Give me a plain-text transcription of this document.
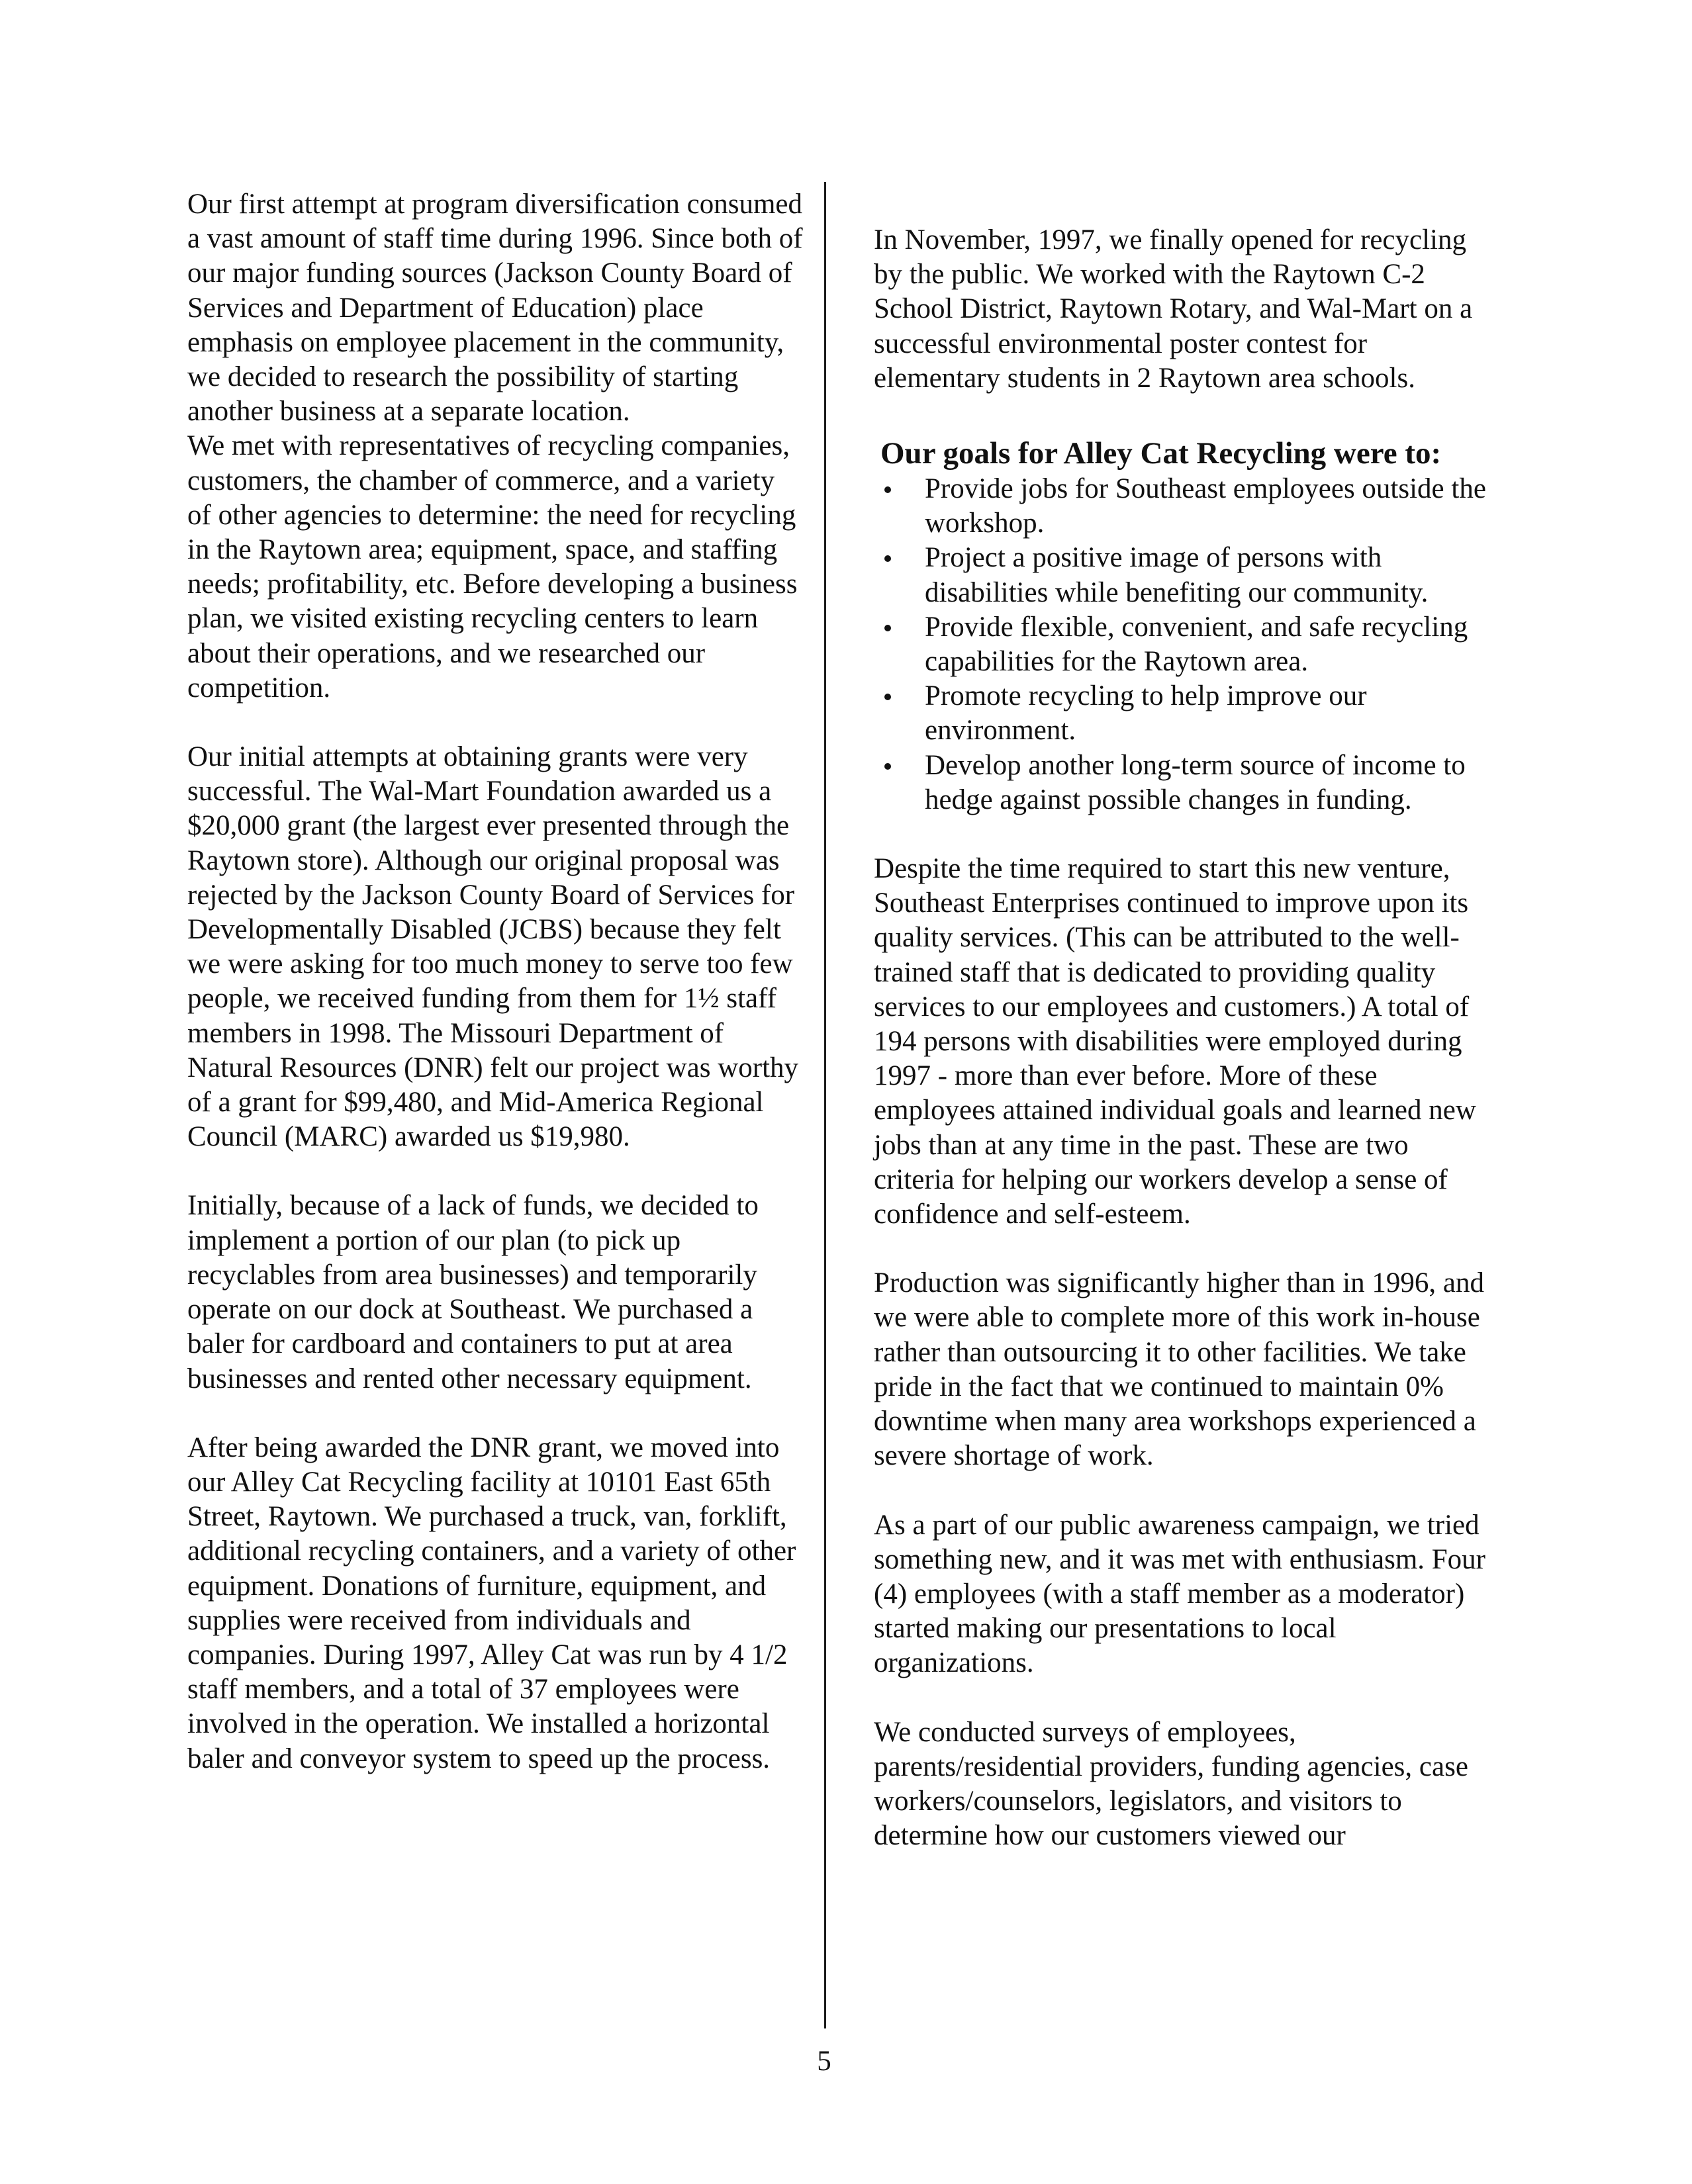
Our first attempt at program diversification consumed a vast amount of staff time during 1996. Since both of our major funding sources (Jackson County Board of Services and Department of Education) place emphasis on employee placement in the community, we decided to research the possibility of starting another business at a separate location.

We met with representatives of recycling companies, customers, the chamber of commerce, and a variety of other agencies to determine: the need for recycling in the Raytown area; equipment, space, and staffing needs; profitability, etc. Before developing a business plan, we visited existing recycling centers to learn about their operations, and we researched our competition.

Our initial attempts at obtaining grants were very successful. The Wal-Mart Foundation awarded us a $20,000 grant (the largest ever presented through the Raytown store). Although our original proposal was rejected by the Jackson County Board of Services for Developmentally Disabled (JCBS) because they felt we were asking for too much money to serve too few people, we received funding from them for 1½ staff members in 1998. The Missouri Department of Natural Resources (DNR) felt our project was worthy of a grant for $99,480, and Mid-America Regional Council (MARC) awarded us $19,980.

Initially, because of a lack of funds, we decided to implement a portion of our plan (to pick up recyclables from area businesses) and temporarily operate on our dock at Southeast. We purchased a baler for cardboard and containers to put at area businesses and rented other necessary equipment.

After being awarded the DNR grant, we moved into our Alley Cat Recycling facility at 10101 East 65th Street, Raytown. We purchased a truck, van, forklift, additional recycling containers, and a variety of other equipment. Donations of furniture, equipment, and supplies were received from individuals and companies. During 1997, Alley Cat was run by 4 1/2 staff members, and a total of 37 employees were involved in the operation. We installed a horizontal baler and conveyor system to speed up the process.

In November, 1997, we finally opened for recycling by the public. We worked with the Raytown C-2 School District, Raytown Rotary, and Wal-Mart on a successful environmental poster contest for elementary students in 2 Raytown area schools.

Our goals for Alley Cat Recycling were to:

Provide jobs for Southeast employees outside the workshop.
Project a positive image of persons with disabilities while benefiting our community.
Provide flexible, convenient, and safe recycling capabilities for the Raytown area.
Promote recycling to help improve our environment.
Develop another long-term source of income to hedge against possible changes in funding.

Despite the time required to start this new venture, Southeast Enterprises continued to improve upon its quality services. (This can be attributed to the well-trained staff that is dedicated to providing quality services to our employees and customers.) A total of 194 persons with disabilities were employed during 1997 - more than ever before. More of these employees attained individual goals and learned new jobs than at any time in the past. These are two criteria for helping our workers develop a sense of confidence and self-esteem.

Production was significantly higher than in 1996, and we were able to complete more of this work in-house rather than outsourcing it to other facilities. We take pride in the fact that we continued to maintain 0% downtime when many area workshops experienced a severe shortage of work.

As a part of our public awareness campaign, we tried something new, and it was met with enthusiasm. Four (4) employees (with a staff member as a moderator) started making our presentations to local organizations.

We conducted surveys of employees, parents/residential providers, funding agencies, case workers/counselors, legislators, and visitors to determine how our customers viewed our

5
